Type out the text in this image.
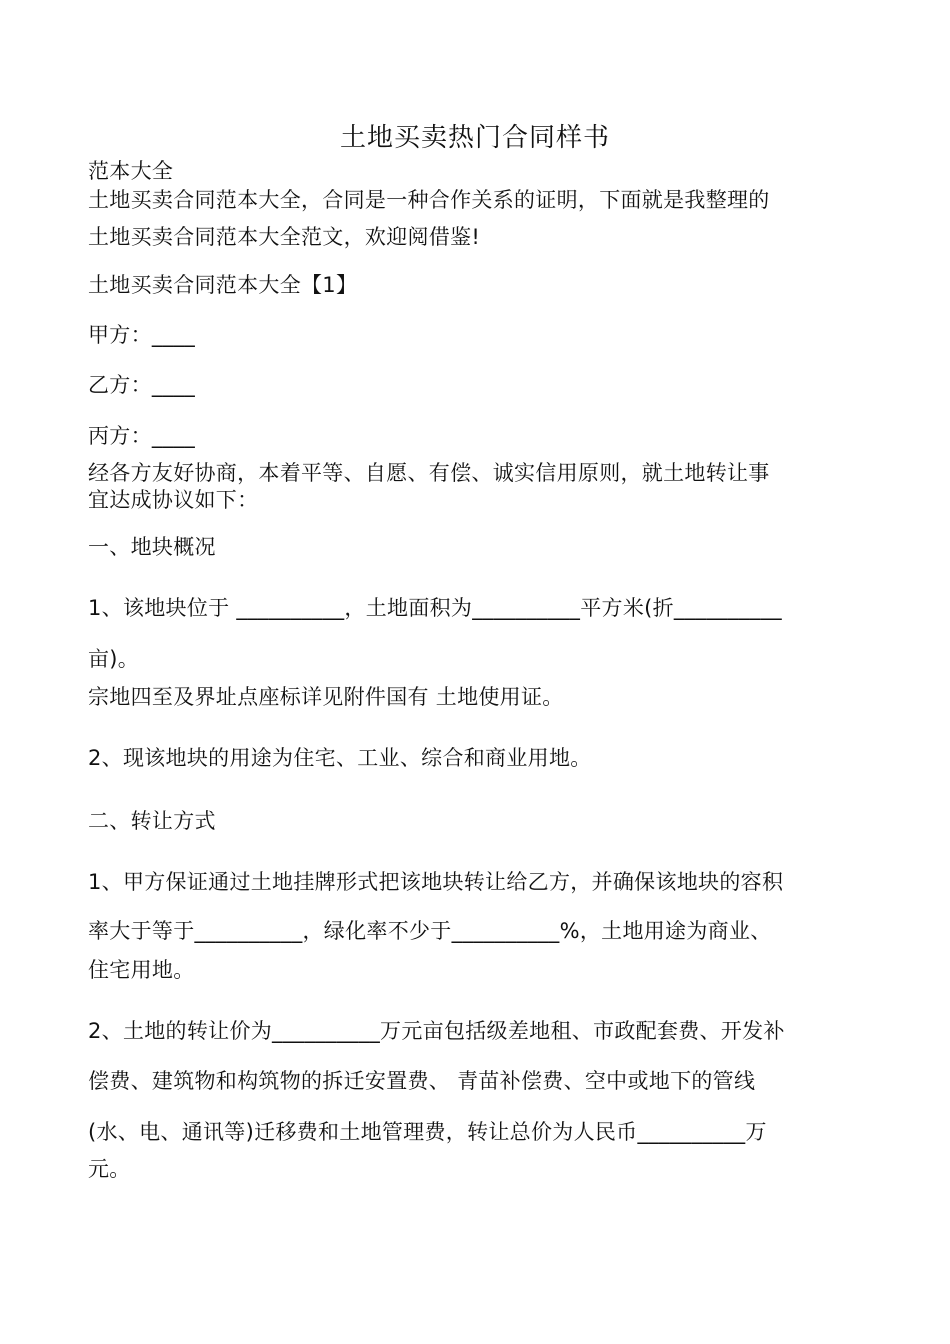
土地买卖热门合同样书
范本大全
土地买卖合同范本大全，合同是一种合作关系的证明，下面就是我整理的
土地买卖合同范本大全范文，欢迎阅借鉴!
土地买卖合同范本大全【1】
甲方：____
乙方：____
丙方：____
经各方友好协商，本着平等、自愿、有偿、诚实信用原则，就土地转让事
宜达成协议如下：
一、地块概况
1、该地块位于 __________，土地面积为__________平方米(折__________
亩)。
宗地四至及界址点座标详见附件国有 土地使用证。
2、现该地块的用途为住宅、工业、综合和商业用地。
二、转让方式
1、甲方保证通过土地挂牌形式把该地块转让给乙方，并确保该地块的容积
率大于等于__________，绿化率不少于__________%，土地用途为商业、
住宅用地。
2、土地的转让价为__________万元亩包括级差地租、市政配套费、开发补
偿费、建筑物和构筑物的拆迁安置费、 青苗补偿费、空中或地下的管线
(水、电、通讯等)迁移费和土地管理费，转让总价为人民币__________万
元。
